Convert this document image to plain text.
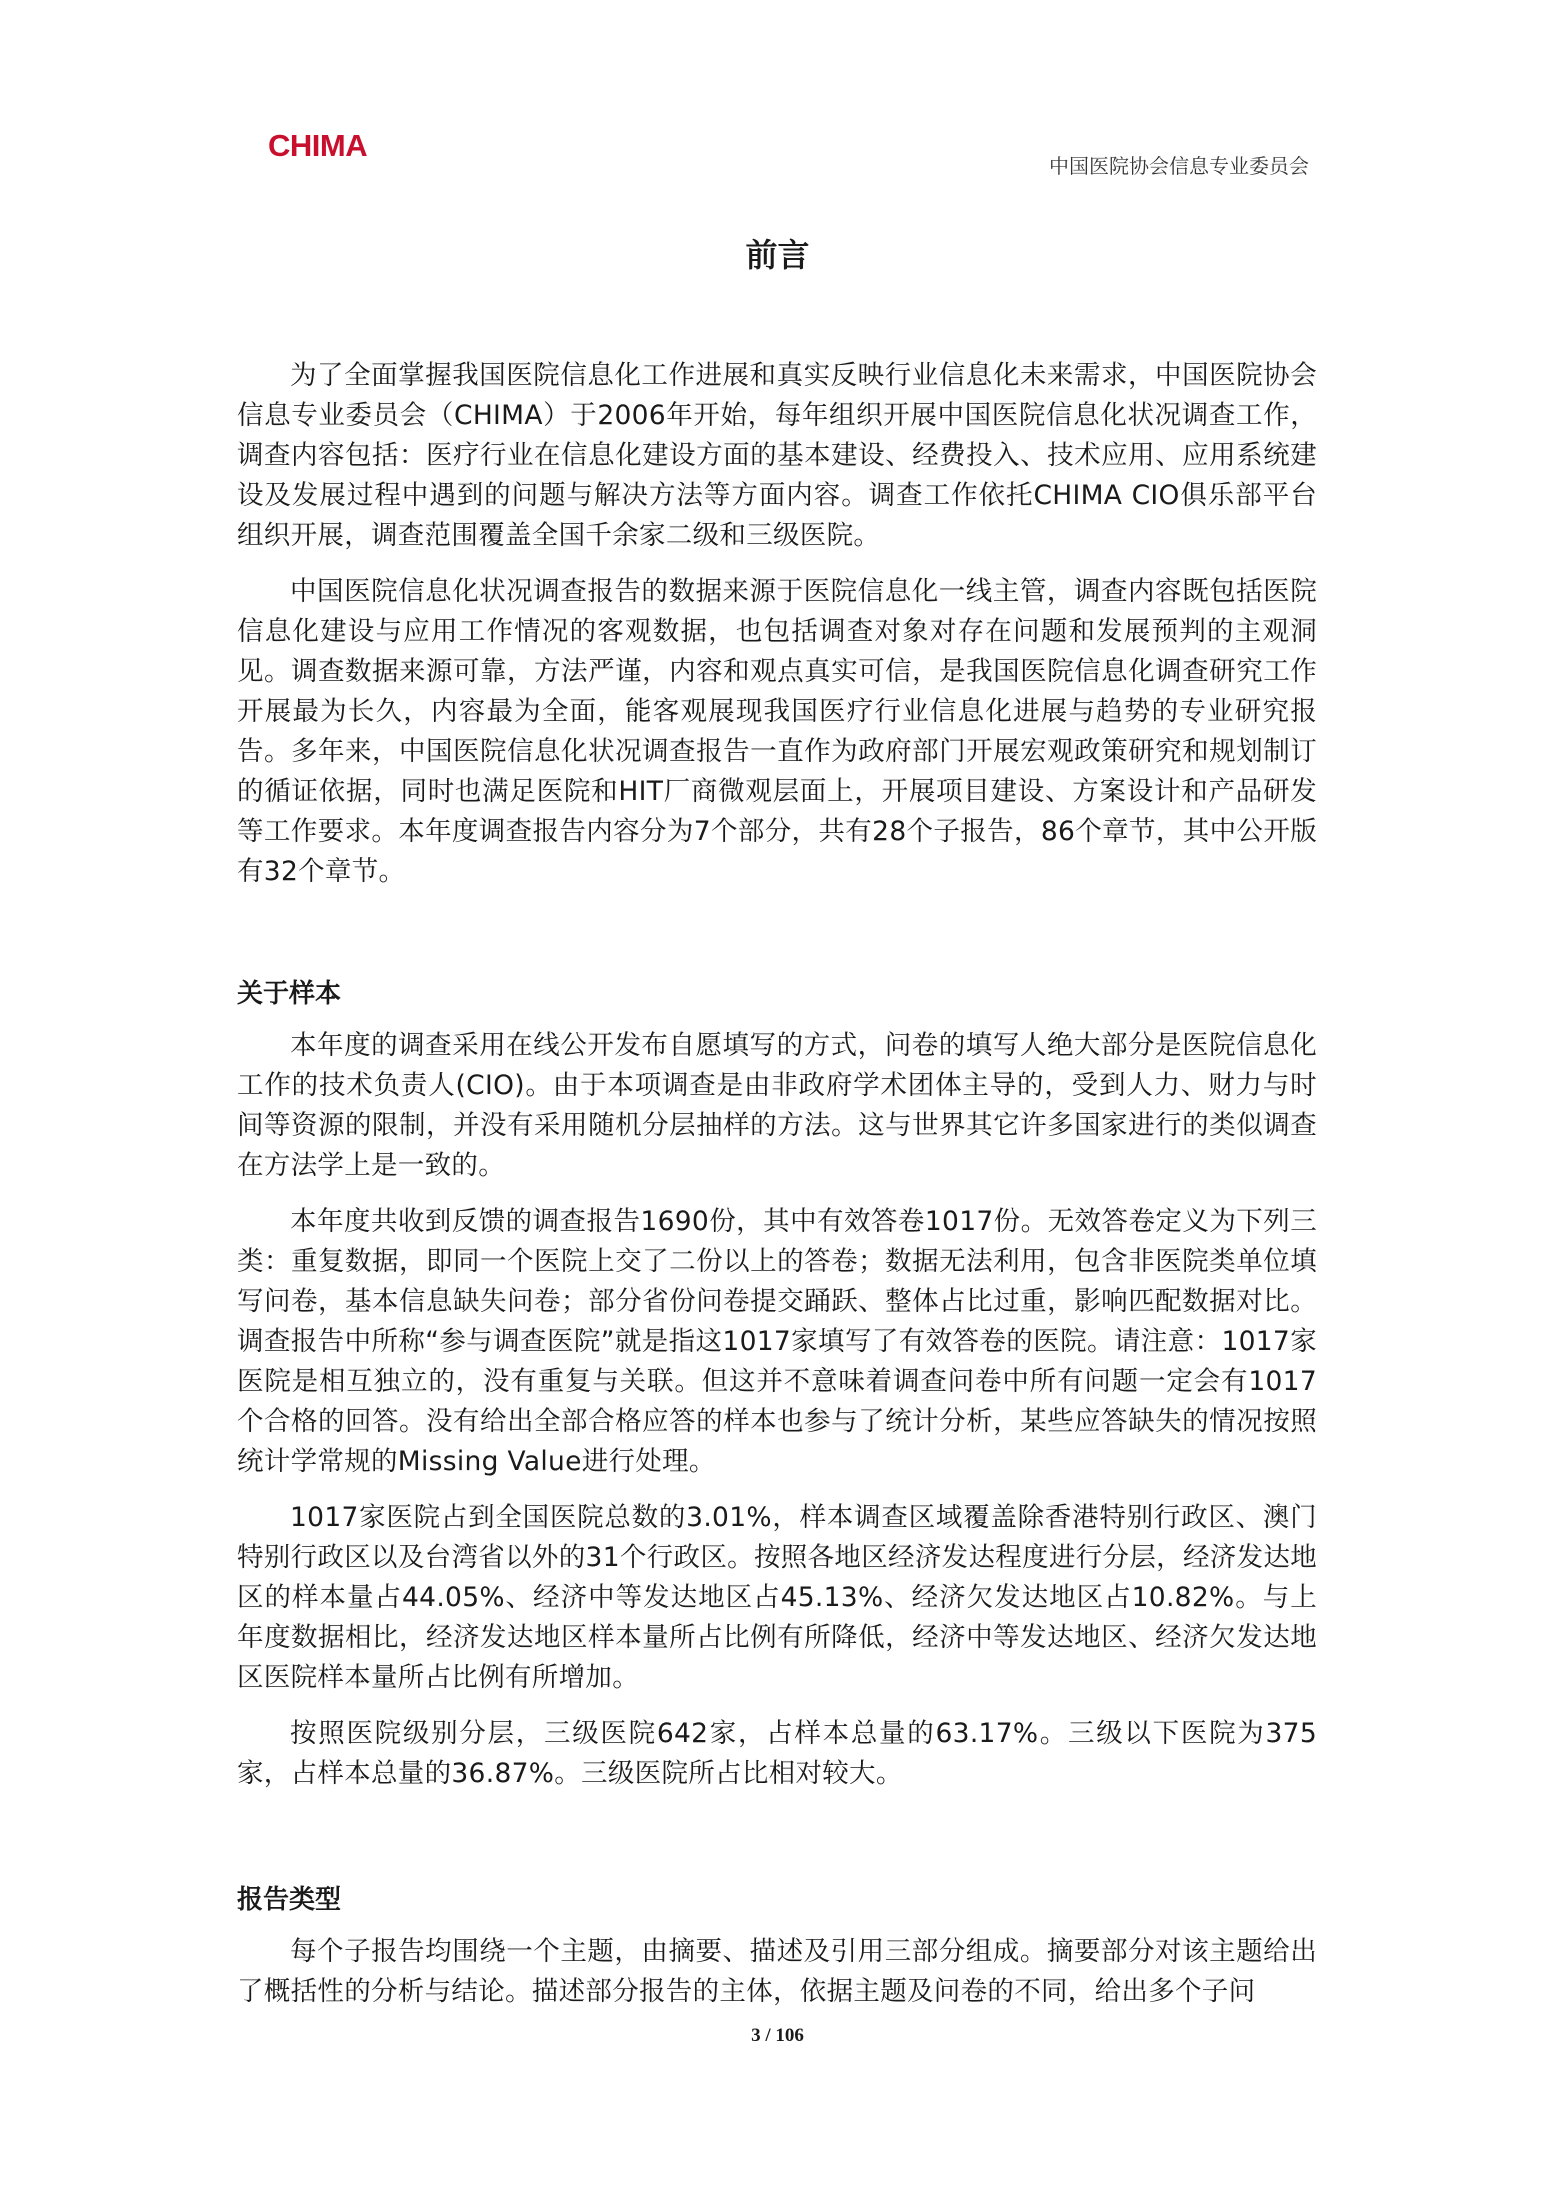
CHIMA
中国医院协会信息专业委员会
前言

为了全面掌握我国医院信息化工作进展和真实反映行业信息化未来需求，中国医院协会信息专业委员会（CHIMA）于2006年开始，每年组织开展中国医院信息化状况调查工作，调查内容包括：医疗行业在信息化建设方面的基本建设、经费投入、技术应用、应用系统建设及发展过程中遇到的问题与解决方法等方面内容。调查工作依托CHIMA CIO俱乐部平台组织开展，调查范围覆盖全国千余家二级和三级医院。

中国医院信息化状况调查报告的数据来源于医院信息化一线主管，调查内容既包括医院信息化建设与应用工作情况的客观数据，也包括调查对象对存在问题和发展预判的主观洞见。调查数据来源可靠，方法严谨，内容和观点真实可信，是我国医院信息化调查研究工作开展最为长久，内容最为全面，能客观展现我国医疗行业信息化进展与趋势的专业研究报告。多年来，中国医院信息化状况调查报告一直作为政府部门开展宏观政策研究和规划制订的循证依据，同时也满足医院和HIT厂商微观层面上，开展项目建设、方案设计和产品研发等工作要求。本年度调查报告内容分为7个部分，共有28个子报告，86个章节，其中公开版有32个章节。

关于样本

本年度的调查采用在线公开发布自愿填写的方式，问卷的填写人绝大部分是医院信息化工作的技术负责人(CIO)。由于本项调查是由非政府学术团体主导的，受到人力、财力与时间等资源的限制，并没有采用随机分层抽样的方法。这与世界其它许多国家进行的类似调查在方法学上是一致的。

本年度共收到反馈的调查报告1690份，其中有效答卷1017份。无效答卷定义为下列三类：重复数据，即同一个医院上交了二份以上的答卷；数据无法利用，包含非医院类单位填写问卷，基本信息缺失问卷；部分省份问卷提交踊跃、整体占比过重，影响匹配数据对比。调查报告中所称“参与调查医院”就是指这1017家填写了有效答卷的医院。请注意：1017家医院是相互独立的，没有重复与关联。但这并不意味着调查问卷中所有问题一定会有1017个合格的回答。没有给出全部合格应答的样本也参与了统计分析，某些应答缺失的情况按照统计学常规的Missing Value进行处理。

1017家医院占到全国医院总数的3.01%，样本调查区域覆盖除香港特别行政区、澳门特别行政区以及台湾省以外的31个行政区。按照各地区经济发达程度进行分层，经济发达地区的样本量占44.05%、经济中等发达地区占45.13%、经济欠发达地区占10.82%。与上年度数据相比，经济发达地区样本量所占比例有所降低，经济中等发达地区、经济欠发达地区医院样本量所占比例有所增加。

按照医院级别分层，三级医院642家，占样本总量的63.17%。三级以下医院为375家，占样本总量的36.87%。三级医院所占比相对较大。

报告类型

每个子报告均围绕一个主题，由摘要、描述及引用三部分组成。摘要部分对该主题给出了概括性的分析与结论。描述部分报告的主体，依据主题及问卷的不同，给出多个子问

3 / 106
